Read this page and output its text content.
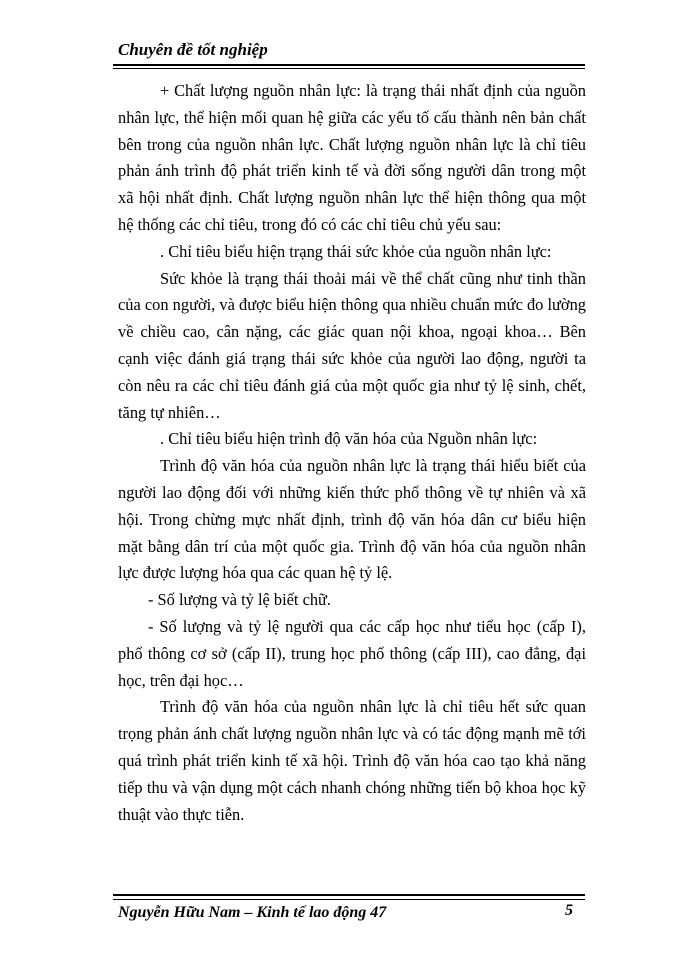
Chuyên đề tốt nghiệp

+ Chất lượng nguồn nhân lực: là trạng thái nhất định của nguồn nhân lực, thể hiện mối quan hệ giữa các yếu tố cấu thành nên bản chất bên trong của nguồn nhân lực. Chất lượng nguồn nhân lực là chỉ tiêu phản ánh trình độ phát triển kinh tế và đời sống người dân trong một xã hội nhất định. Chất lượng nguồn nhân lực thể hiện thông qua một hệ thống các chỉ tiêu, trong đó có các chỉ tiêu chủ yếu sau:

. Chỉ tiêu biểu hiện trạng thái sức khỏe của nguồn nhân lực:

Sức khỏe là trạng thái thoải mái về thể chất cũng như tinh thần của con người, và được biểu hiện thông qua nhiều chuẩn mức đo lường về chiều cao, cân nặng, các giác quan nội khoa, ngoại khoa… Bên cạnh việc đánh giá trạng thái sức khỏe của người lao động, người ta còn nêu ra các chỉ tiêu đánh giá của một quốc gia như tỷ lệ sinh, chết, tăng tự nhiên…

. Chỉ tiêu biểu hiện trình độ văn hóa của Nguồn nhân lực:

Trình độ văn hóa của nguồn nhân lực là trạng thái hiểu biết của người lao động đối với những kiến thức phổ thông về tự nhiên và xã hội. Trong chừng mực nhất định, trình độ văn hóa dân cư biểu hiện mặt bằng dân trí của một quốc gia. Trình độ văn hóa của nguồn nhân lực được lượng hóa qua các quan hệ tỷ lệ.

- Số lượng và tỷ lệ biết chữ.

- Số lượng và tỷ lệ người qua các cấp học như tiểu học (cấp I), phổ thông cơ sở (cấp II), trung học phổ thông (cấp III), cao đẳng, đại học, trên đại học…

Trình độ văn hóa của nguồn nhân lực là chỉ tiêu hết sức quan trọng phản ánh chất lượng nguồn nhân lực và có tác động mạnh mẽ tới quá trình phát triển kinh tế xã hội. Trình độ văn hóa cao tạo khả năng tiếp thu và vận dụng một cách nhanh chóng những tiến bộ khoa học kỹ thuật vào thực tiễn.

Nguyễn Hữu Nam – Kinh tế lao động 47	5
